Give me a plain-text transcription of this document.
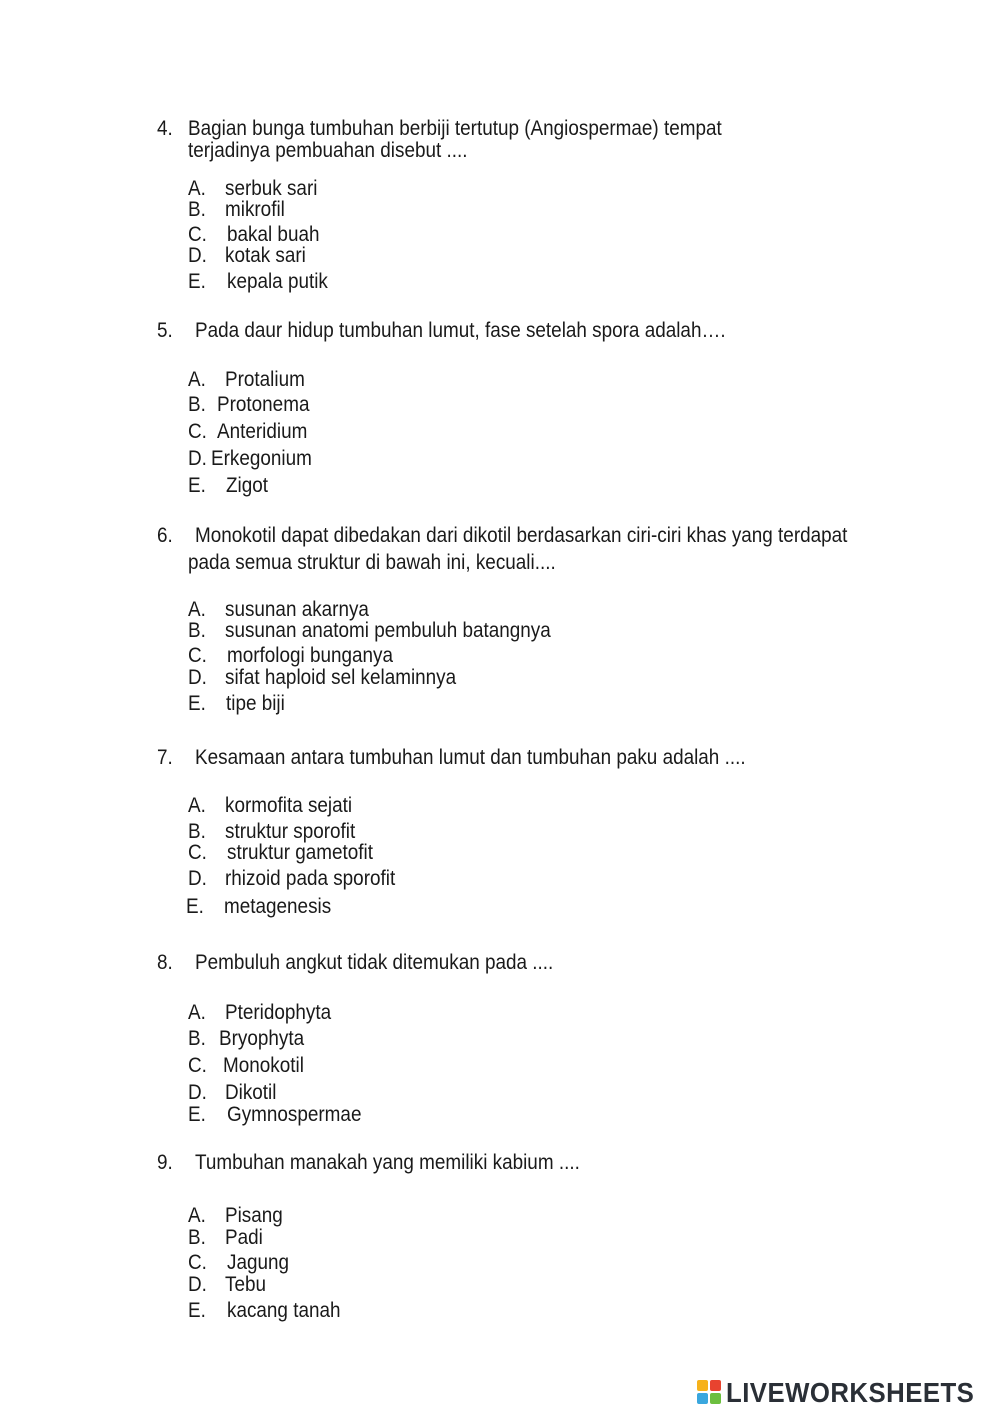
4. Bagian bunga tumbuhan berbiji tertutup (Angiospermae) tempat
terjadinya pembuahan disebut ....
A. serbuk sari
B. mikrofil
C. bakal buah
D. kotak sari
E. kepala putik
5. Pada daur hidup tumbuhan lumut, fase setelah spora adalah….
A. Protalium
B. Protonema
C. Anteridium
D. Erkegonium
E. Zigot
6. Monokotil dapat dibedakan dari dikotil berdasarkan ciri-ciri khas yang terdapat
pada semua struktur di bawah ini, kecuali....
A. susunan akarnya
B. susunan anatomi pembuluh batangnya
C. morfologi bunganya
D. sifat haploid sel kelaminnya
E. tipe biji
7. Kesamaan antara tumbuhan lumut dan tumbuhan paku adalah ....
A. kormofita sejati
B. struktur sporofit
C. struktur gametofit
D. rhizoid pada sporofit
E. metagenesis
8. Pembuluh angkut tidak ditemukan pada ....
A. Pteridophyta
B. Bryophyta
C. Monokotil
D. Dikotil
E. Gymnospermae
9. Tumbuhan manakah yang memiliki kabium ....
A. Pisang
B. Padi
C. Jagung
D. Tebu
E. kacang tanah
LIVEWORKSHEETS
